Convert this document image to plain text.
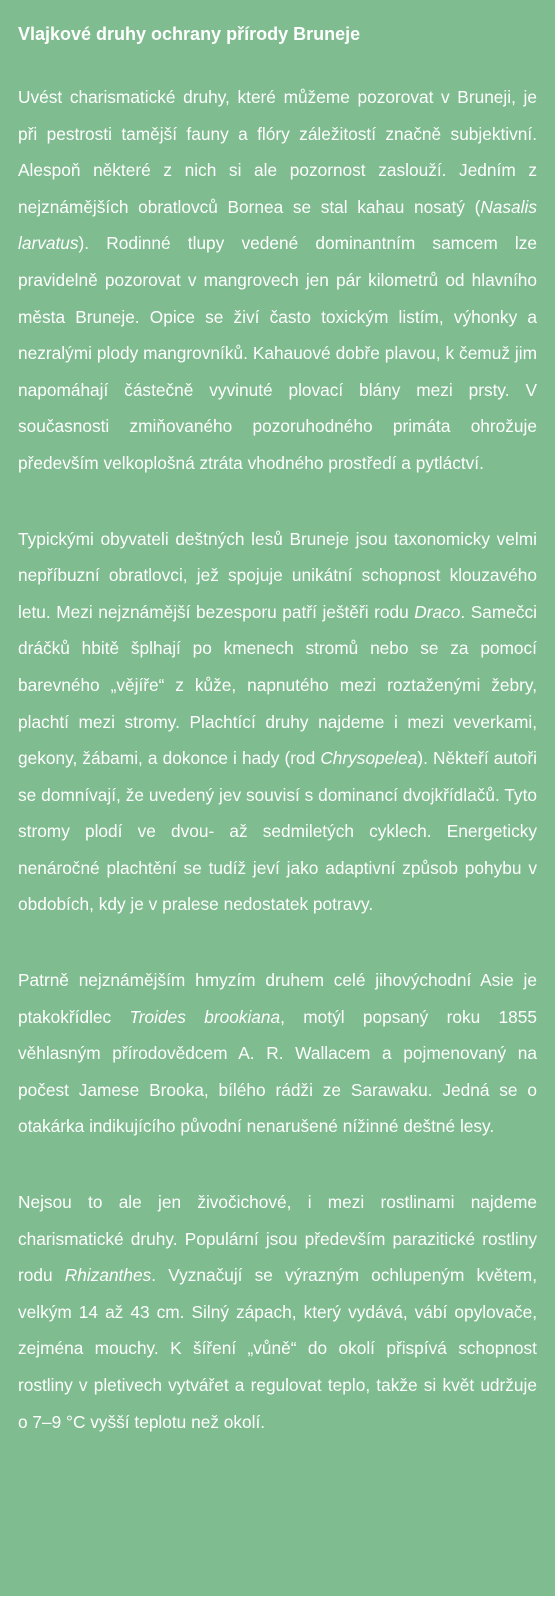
Vlajkové druhy ochrany přírody Bruneje

Uvést charismatické druhy, které můžeme pozorovat v Bruneji, je při pestrosti tamější fauny a flóry záležitostí značně subjektivní. Alespoň některé z nich si ale pozornost zaslouží. Jedním z nejznámějších obratlovců Bornea se stal kahau nosatý (Nasalis larvatus). Rodinné tlupy vedené dominantním samcem lze pravidelně pozorovat v mangrovech jen pár kilometrů od hlavního města Bruneje. Opice se živí často toxickým listím, výhonky a nezralými plody mangrovníků. Kahauové dobře plavou, k čemuž jim napomáhají částečně vyvinuté plovací blány mezi prsty. V současnosti zmiňovaného pozoruhodného primáta ohrožuje především velkoplošná ztráta vhodného prostředí a pytláctví.

Typickými obyvateli deštných lesů Bruneje jsou taxonomicky velmi nepříbuzní obratlovci, jež spojuje unikátní schopnost klouzavého letu. Mezi nejznámější bezesporu patří ještěři rodu Draco. Samečci dráčků hbitě šplhají po kmenech stromů nebo se za pomocí barevného „vějíře“ z kůže, napnutého mezi roztaženými žebry, plachtí mezi stromy. Plachtící druhy najdeme i mezi veverkami, gekony, žábami, a dokonce i hady (rod Chrysopelea). Někteří autoři se domnívají, že uvedený jev souvisí s dominancí dvojkřídlačů. Tyto stromy plodí ve dvou- až sedmiletých cyklech. Energeticky nenáročné plachtění se tudíž jeví jako adaptivní způsob pohybu v obdobích, kdy je v pralese nedostatek potravy.

Patrně nejznámějším hmyzím druhem celé jihovýchodní Asie je ptakokřídlec Troides brookiana, motýl popsaný roku 1855 věhlasným přírodovědcem A. R. Wallacem a pojmenovaný na počest Jamese Brooka, bílého rádži ze Sarawaku. Jedná se o otakárka indikujícího původní nenarušené nížinné deštné lesy.

Nejsou to ale jen živočichové, i mezi rostlinami najdeme charismatické druhy. Populární jsou především parazitické rostliny rodu Rhizanthes. Vyznačují se výrazným ochlupeným květem, velkým 14 až 43 cm. Silný zápach, který vydává, vábí opylovače, zejména mouchy. K šíření „vůně“ do okolí přispívá schopnost rostliny v pletivech vytvářet a regulovat teplo, takže si květ udržuje o 7–9 °C vyšší teplotu než okolí.
